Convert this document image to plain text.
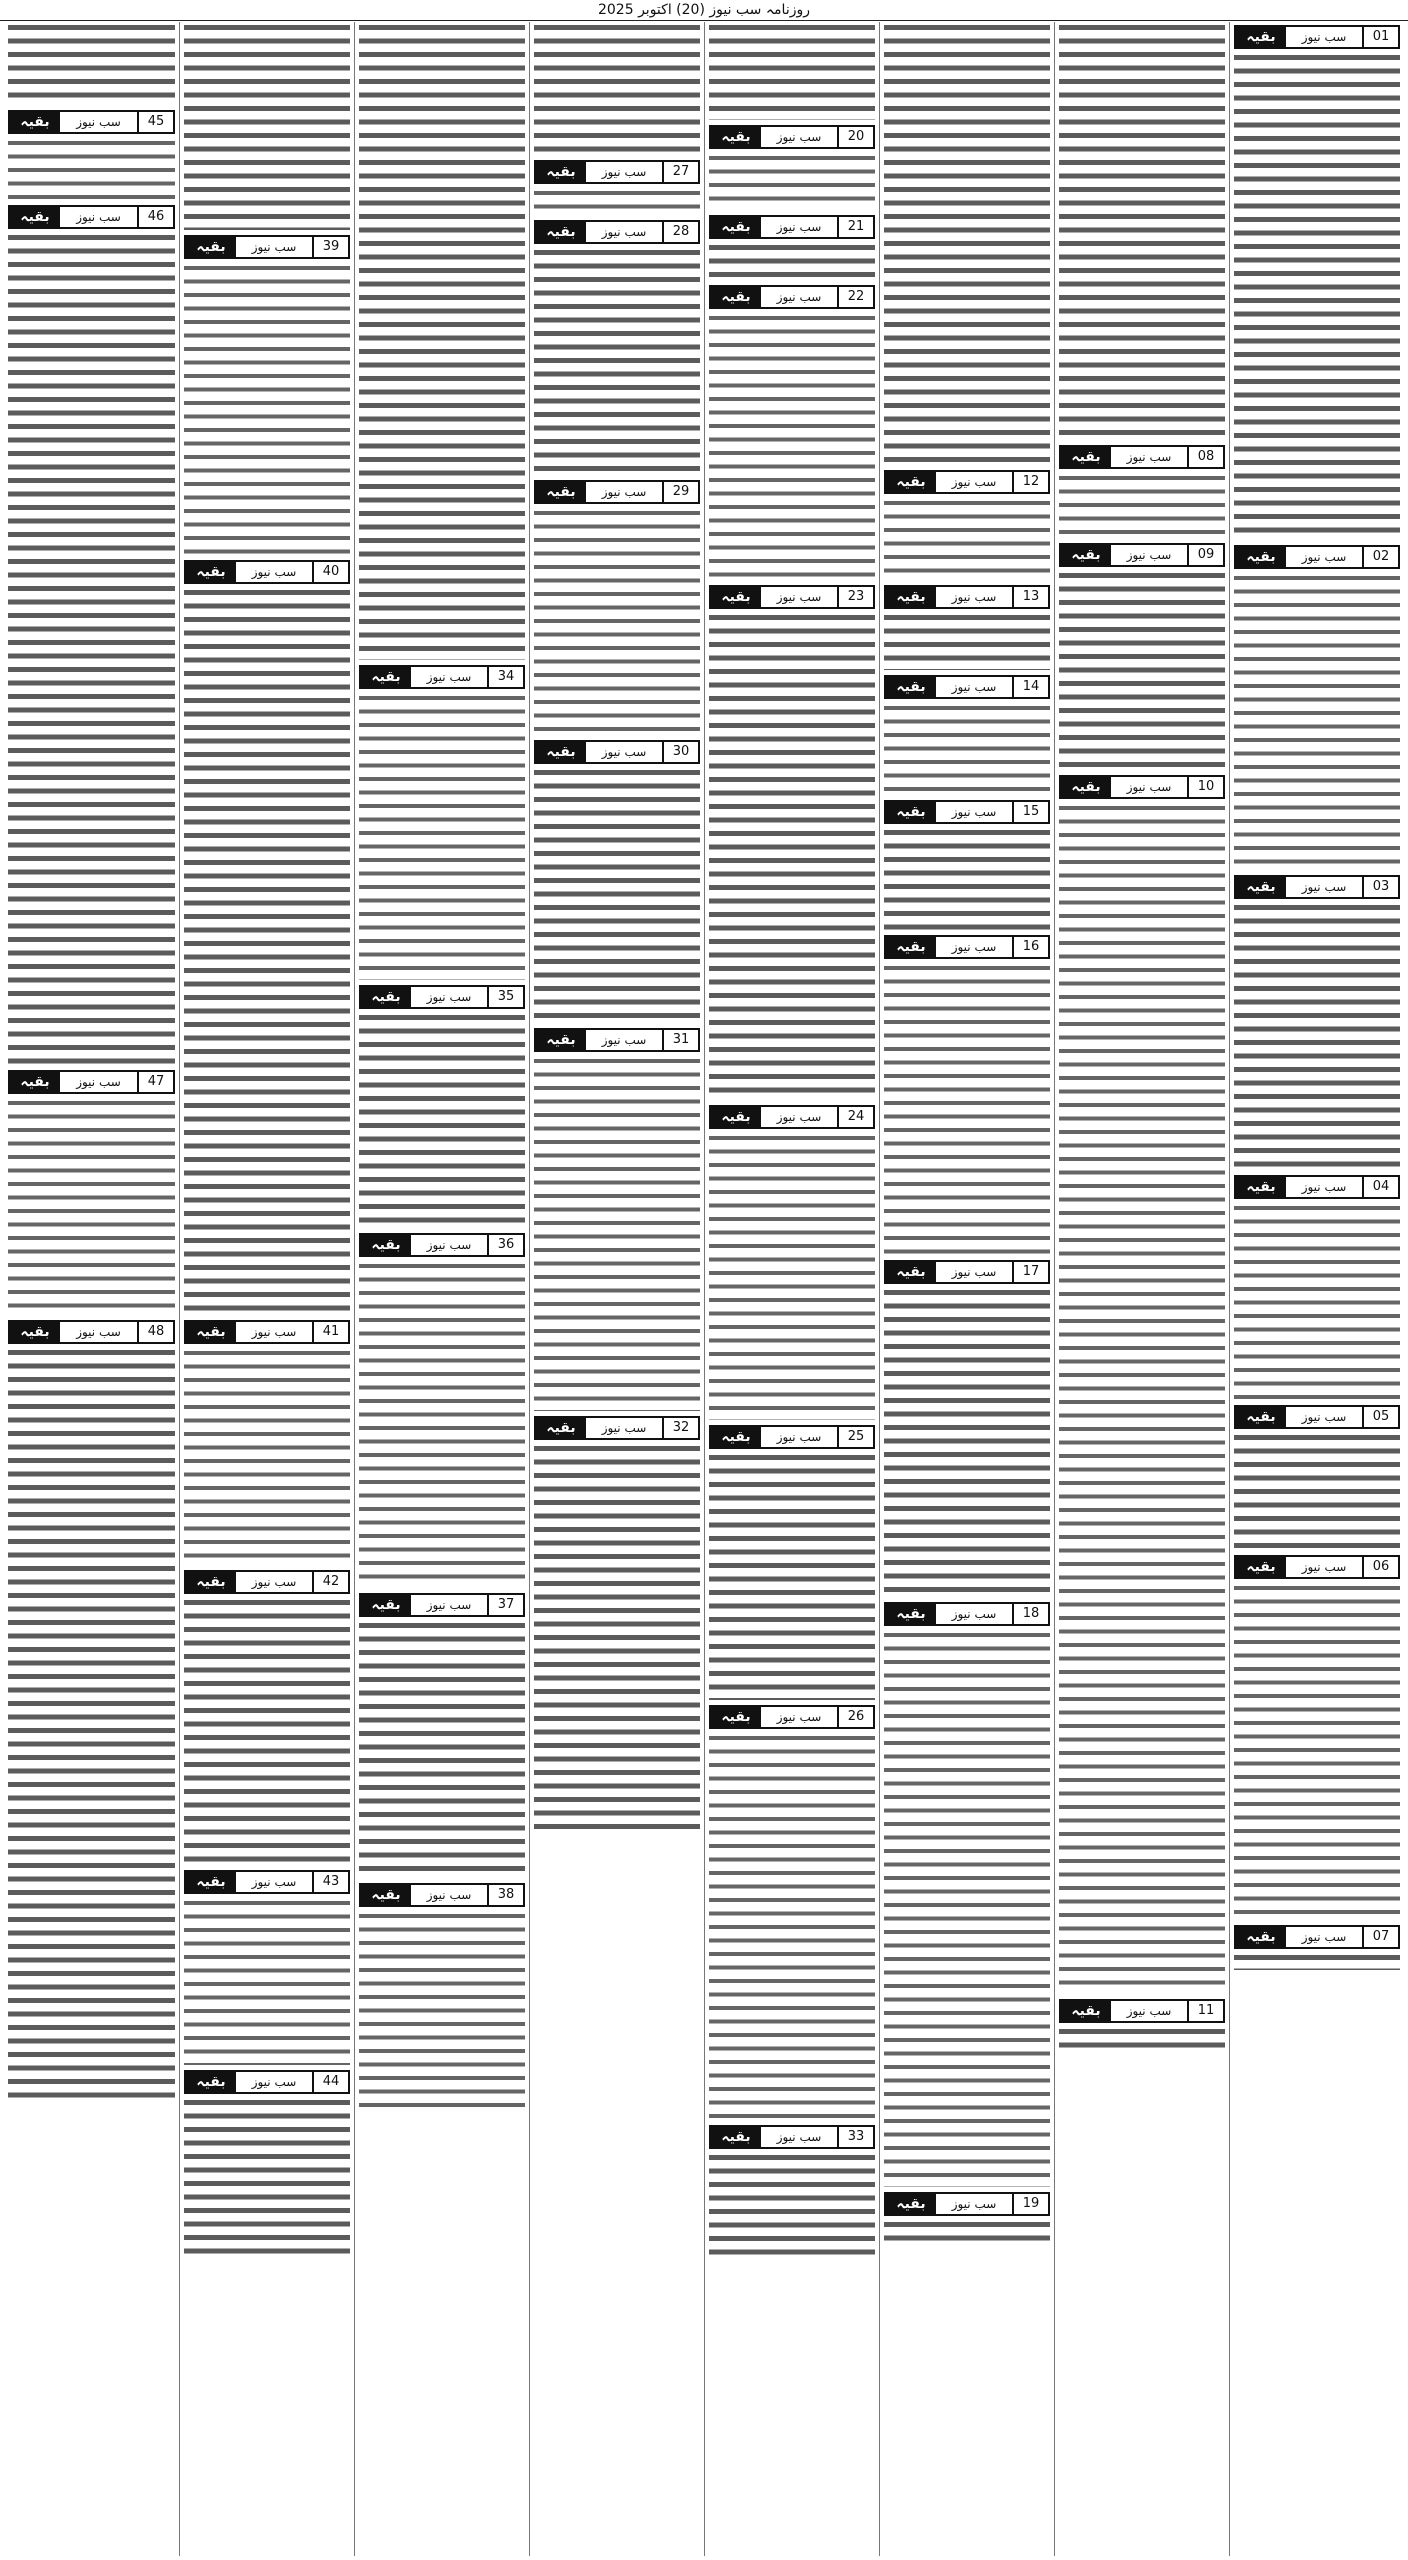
روزنامہ سب نیوز (20) اکتوبر 2025
01
سب نیوز
بقیہ
02
سب نیوز
بقیہ
03
سب نیوز
بقیہ
04
سب نیوز
بقیہ
05
سب نیوز
بقیہ
06
سب نیوز
بقیہ
07
سب نیوز
بقیہ
08
سب نیوز
بقیہ
09
سب نیوز
بقیہ
10
سب نیوز
بقیہ
11
سب نیوز
بقیہ
12
سب نیوز
بقیہ
13
سب نیوز
بقیہ
14
سب نیوز
بقیہ
15
سب نیوز
بقیہ
16
سب نیوز
بقیہ
17
سب نیوز
بقیہ
18
سب نیوز
بقیہ
19
سب نیوز
بقیہ
20
سب نیوز
بقیہ
21
سب نیوز
بقیہ
22
سب نیوز
بقیہ
23
سب نیوز
بقیہ
24
سب نیوز
بقیہ
25
سب نیوز
بقیہ
26
سب نیوز
بقیہ
33
سب نیوز
بقیہ
27
سب نیوز
بقیہ
28
سب نیوز
بقیہ
29
سب نیوز
بقیہ
30
سب نیوز
بقیہ
31
سب نیوز
بقیہ
32
سب نیوز
بقیہ
34
سب نیوز
بقیہ
35
سب نیوز
بقیہ
36
سب نیوز
بقیہ
37
سب نیوز
بقیہ
38
سب نیوز
بقیہ
39
سب نیوز
بقیہ
40
سب نیوز
بقیہ
41
سب نیوز
بقیہ
42
سب نیوز
بقیہ
43
سب نیوز
بقیہ
44
سب نیوز
بقیہ
45
سب نیوز
بقیہ
46
سب نیوز
بقیہ
47
سب نیوز
بقیہ
48
سب نیوز
بقیہ
